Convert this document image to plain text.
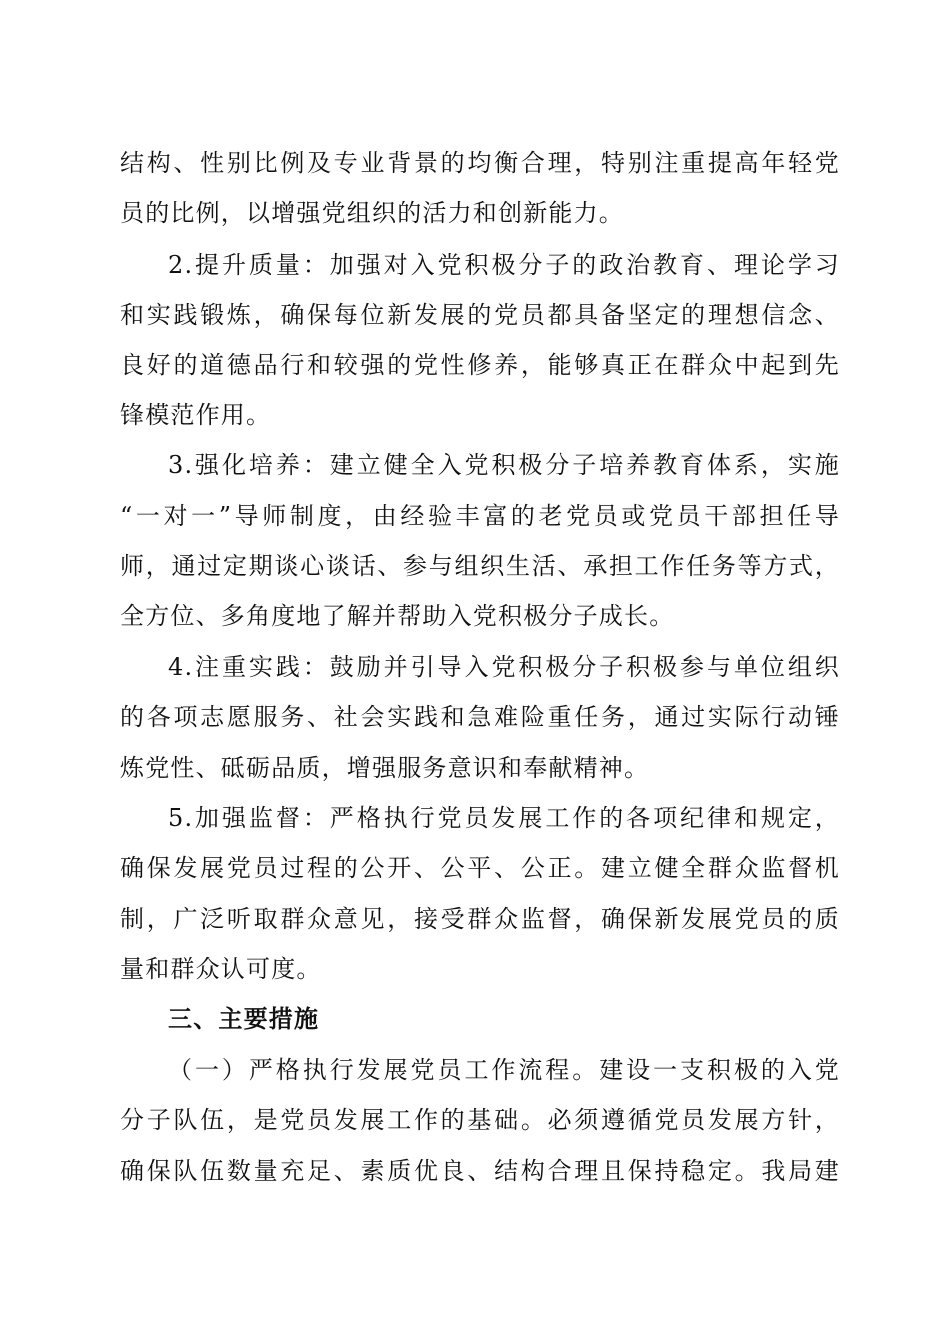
结构、性别比例及专业背景的均衡合理，特别注重提高年轻党

员的比例，以增强党组织的活力和创新能力。

2.提升质量：加强对入党积极分子的政治教育、理论学习

和实践锻炼，确保每位新发展的党员都具备坚定的理想信念、

良好的道德品行和较强的党性修养，能够真正在群众中起到先

锋模范作用。

3.强化培养：建立健全入党积极分子培养教育体系，实施

“一对一”导师制度，由经验丰富的老党员或党员干部担任导

师，通过定期谈心谈话、参与组织生活、承担工作任务等方式，

全方位、多角度地了解并帮助入党积极分子成长。

4.注重实践：鼓励并引导入党积极分子积极参与单位组织

的各项志愿服务、社会实践和急难险重任务，通过实际行动锤

炼党性、砥砺品质，增强服务意识和奉献精神。

5.加强监督：严格执行党员发展工作的各项纪律和规定，

确保发展党员过程的公开、公平、公正。建立健全群众监督机

制，广泛听取群众意见，接受群众监督，确保新发展党员的质

量和群众认可度。

三、主要措施

（一）严格执行发展党员工作流程。建设一支积极的入党

分子队伍，是党员发展工作的基础。必须遵循党员发展方针，

确保队伍数量充足、素质优良、结构合理且保持稳定。我局建
